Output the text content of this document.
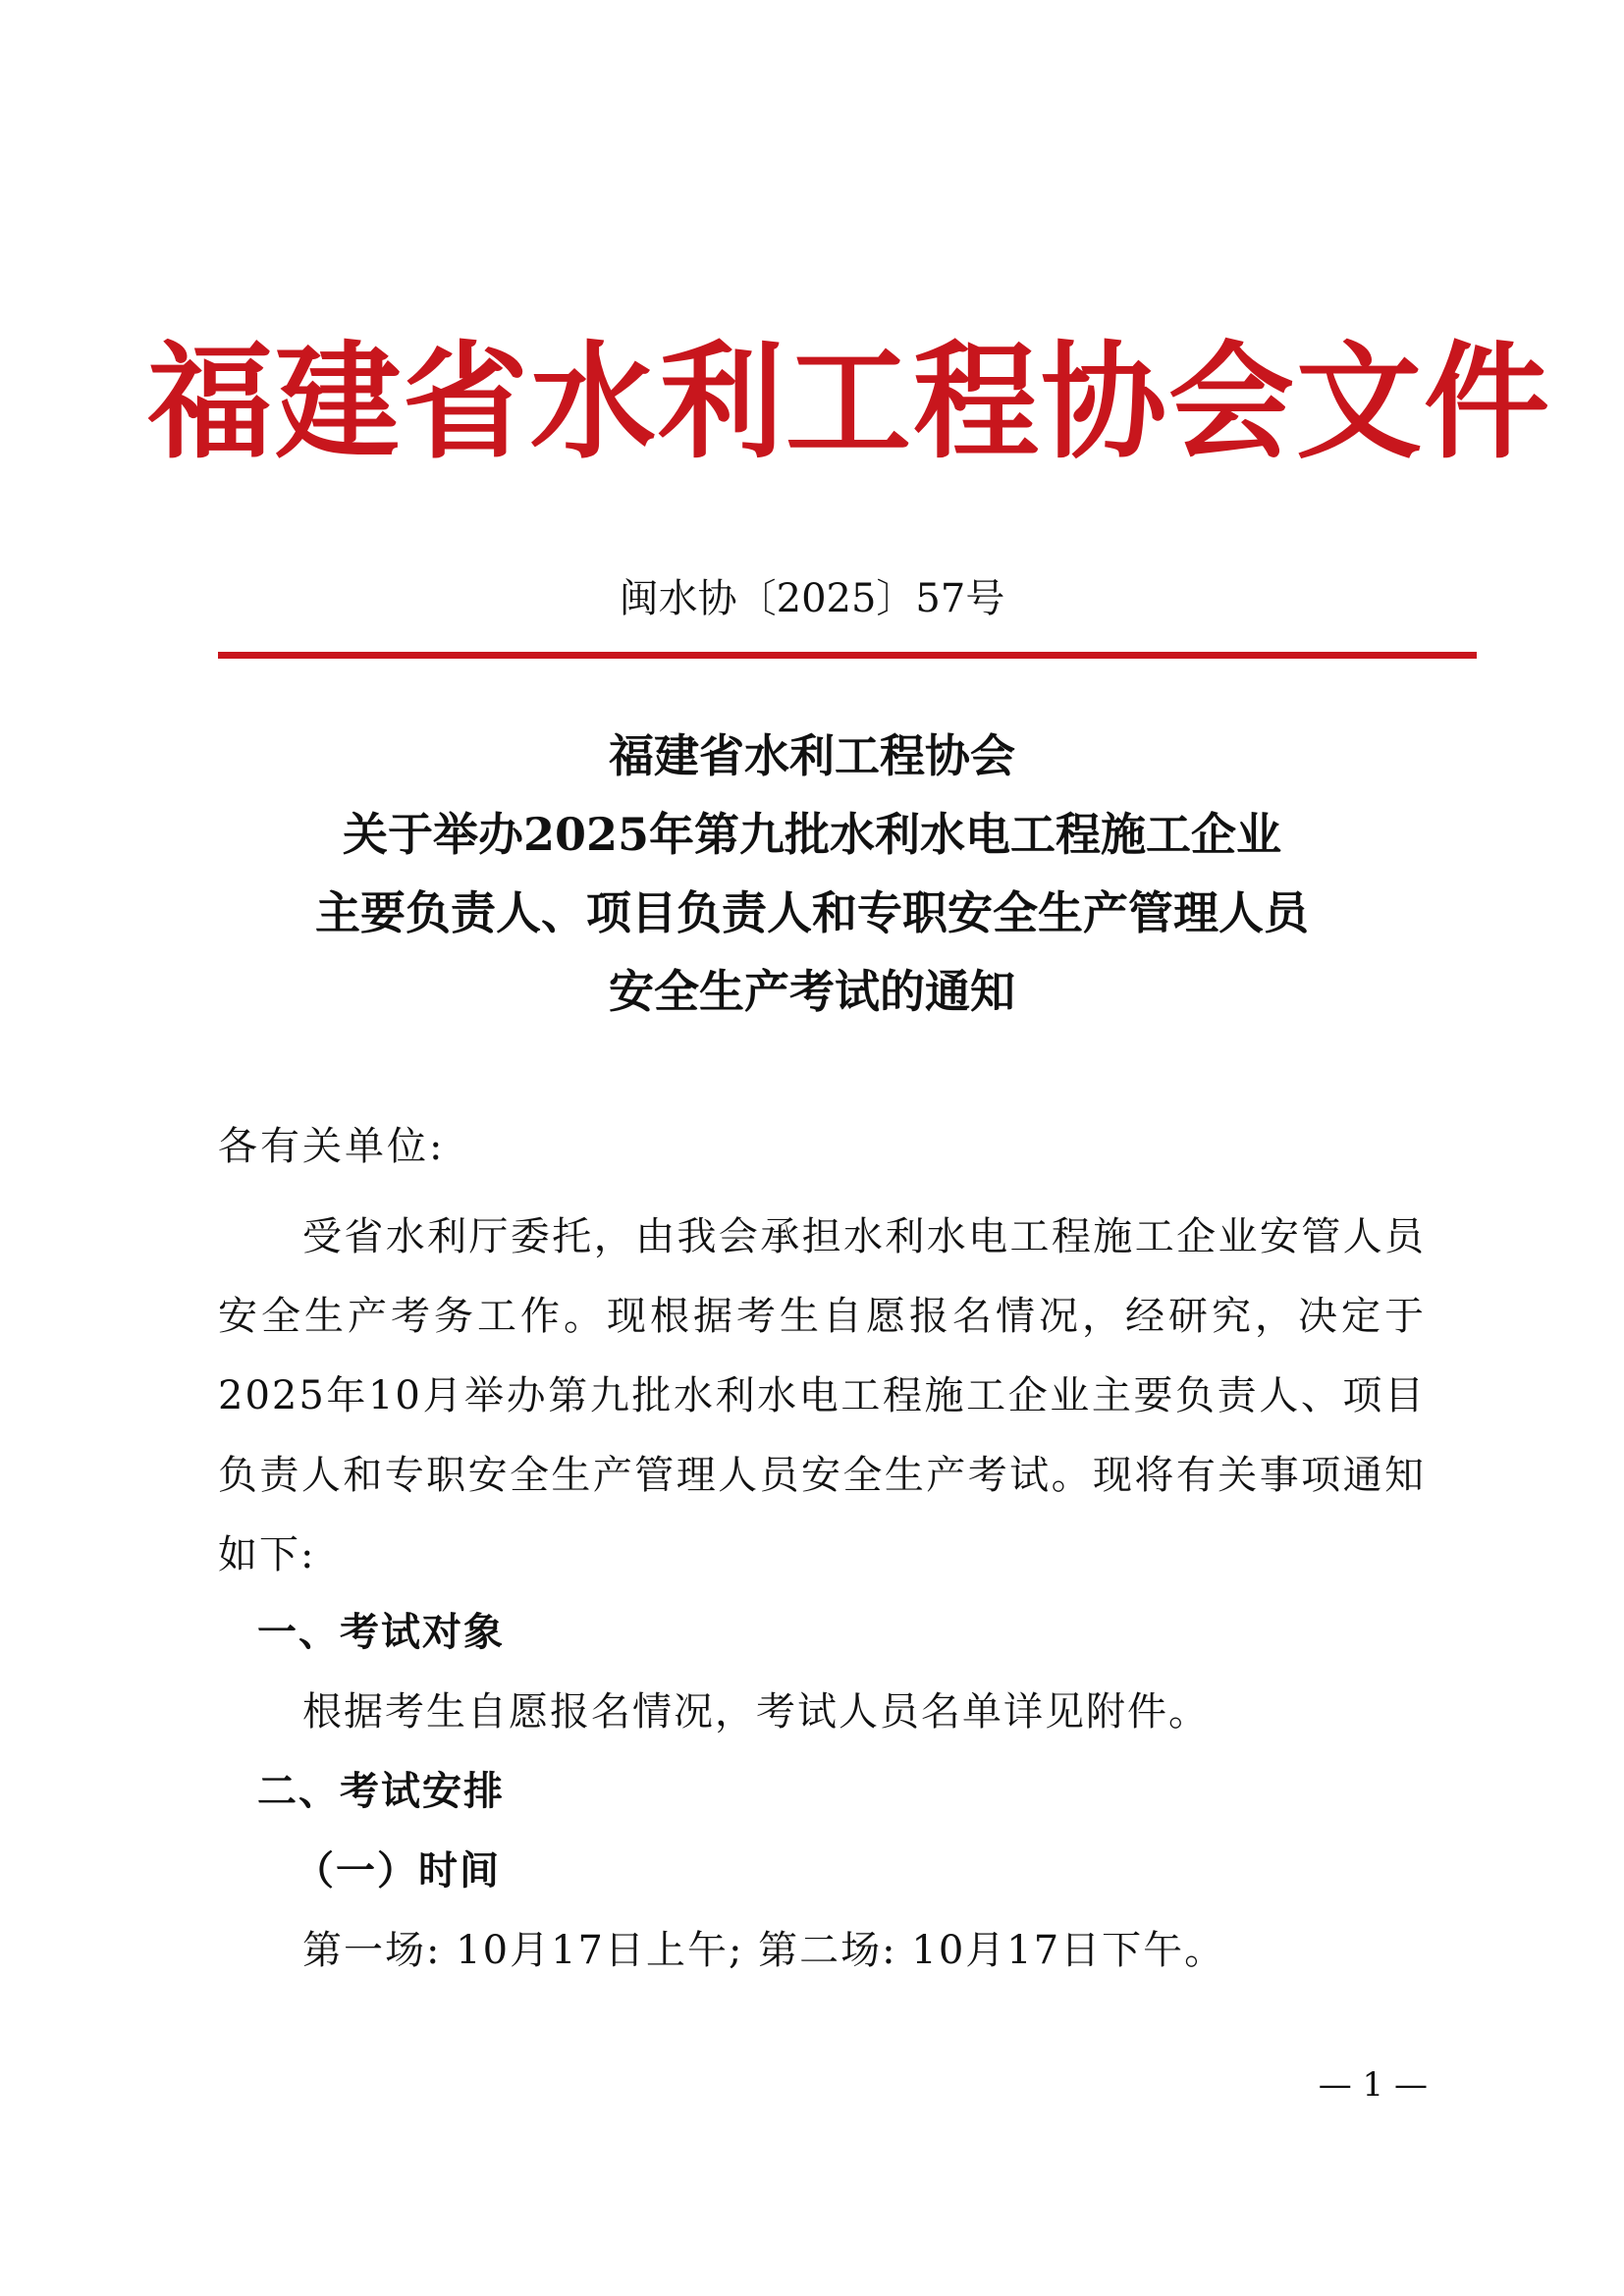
福建省水利工程协会文件
闽水协〔2025〕57号
福建省水利工程协会
关于举办2025年第九批水利水电工程施工企业
主要负责人、项目负责人和专职安全生产管理人员
安全生产考试的通知
各有关单位:
受省水利厅委托，由我会承担水利水电工程施工企业安管人员安全生产考务工作。现根据考生自愿报名情况，经研究，决定于2025年10月举办第九批水利水电工程施工企业主要负责人、项目负责人和专职安全生产管理人员安全生产考试。现将有关事项通知如下:
一、考试对象
根据考生自愿报名情况，考试人员名单详见附件。
二、考试安排
（一）时间
第一场: 10月17日上午; 第二场: 10月17日下午。
— 1 —
